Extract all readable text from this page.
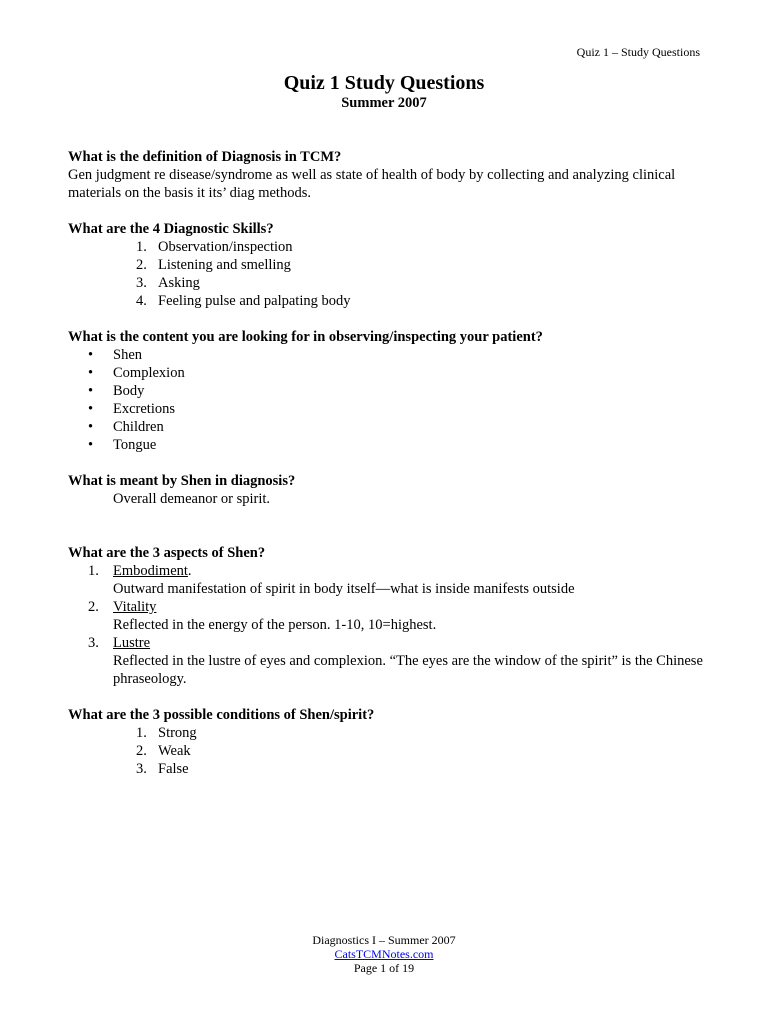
Quiz 1 – Study Questions
Quiz 1 Study Questions
Summer 2007

What is the definition of Diagnosis in TCM?

Gen judgment re disease/syndrome as well as state of health of body by collecting and analyzing clinical materials on the basis it its’ diag methods.

What are the 4 Diagnostic Skills?

1. Observation/inspection
2. Listening and smelling
3. Asking
4. Feeling pulse and palpating body

What is the content you are looking for in observing/inspecting your patient?

• Shen
• Complexion
• Body
• Excretions
• Children
• Tongue

What is meant by Shen in diagnosis?

Overall demeanor or spirit.

What are the 3 aspects of Shen?

1. Embodiment.
Outward manifestation of spirit in body itself—what is inside manifests outside
2. Vitality
Reflected in the energy of the person. 1-10, 10=highest.
3. Lustre
Reflected in the lustre of eyes and complexion. “The eyes are the window of the spirit” is the Chinese phraseology.

What are the 3 possible conditions of Shen/spirit?

1. Strong
2. Weak
3. False
Diagnostics I – Summer 2007
CatsTCMNotes.com
Page 1 of 19
